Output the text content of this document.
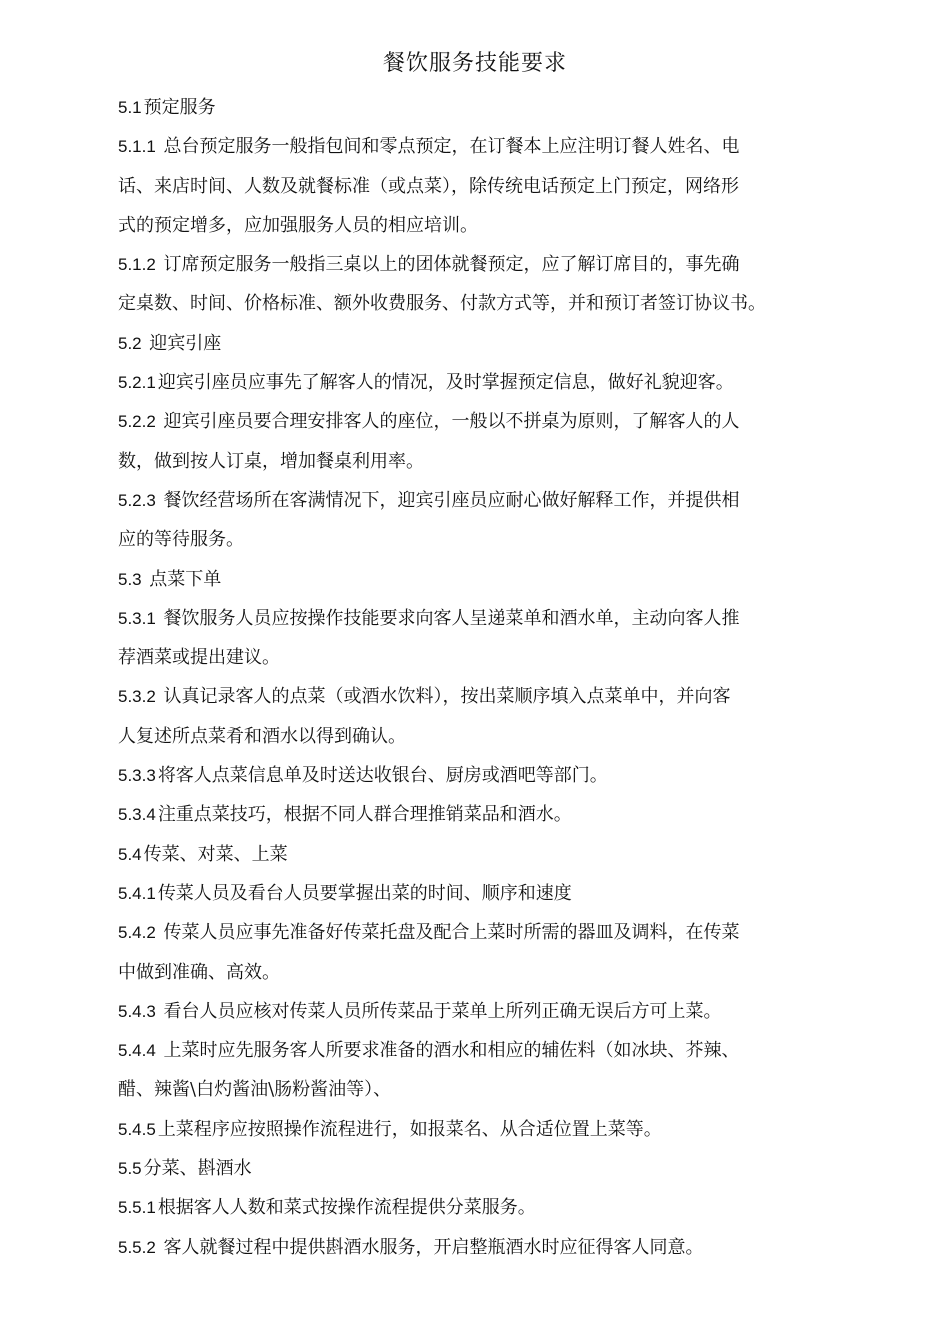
餐饮服务技能要求
5.1 预定服务
5.1.1 总台预定服务一般指包间和零点预定，在订餐本上应注明订餐人姓名、电
话、来店时间、人数及就餐标准（或点菜），除传统电话预定上门预定，网络形
式的预定增多，应加强服务人员的相应培训。
5.1.2 订席预定服务一般指三桌以上的团体就餐预定，应了解订席目的，事先确
定桌数、时间、价格标准、额外收费服务、付款方式等，并和预订者签订协议书。
5.2 迎宾引座
5.2.1 迎宾引座员应事先了解客人的情况，及时掌握预定信息，做好礼貌迎客。
5.2.2 迎宾引座员要合理安排客人的座位，一般以不拼桌为原则，了解客人的人
数，做到按人订桌，增加餐桌利用率。
5.2.3 餐饮经营场所在客满情况下，迎宾引座员应耐心做好解释工作，并提供相
应的等待服务。
5.3 点菜下单
5.3.1 餐饮服务人员应按操作技能要求向客人呈递菜单和酒水单，主动向客人推
荐酒菜或提出建议。
5.3.2 认真记录客人的点菜（或酒水饮料），按出菜顺序填入点菜单中，并向客
人复述所点菜肴和酒水以得到确认。
5.3.3 将客人点菜信息单及时送达收银台、厨房或酒吧等部门。
5.3.4 注重点菜技巧，根据不同人群合理推销菜品和酒水。
5.4 传菜、对菜、上菜
5.4.1 传菜人员及看台人员要掌握出菜的时间、顺序和速度
5.4.2 传菜人员应事先准备好传菜托盘及配合上菜时所需的器皿及调料，在传菜
中做到准确、高效。
5.4.3 看台人员应核对传菜人员所传菜品于菜单上所列正确无误后方可上菜。
5.4.4 上菜时应先服务客人所要求准备的酒水和相应的辅佐料（如冰块、芥辣、
醋、辣酱\白灼酱油\肠粉酱油等）、
5.4.5 上菜程序应按照操作流程进行，如报菜名、从合适位置上菜等。
5.5 分菜、斟酒水
5.5.1 根据客人人数和菜式按操作流程提供分菜服务。
5.5.2 客人就餐过程中提供斟酒水服务，开启整瓶酒水时应征得客人同意。
